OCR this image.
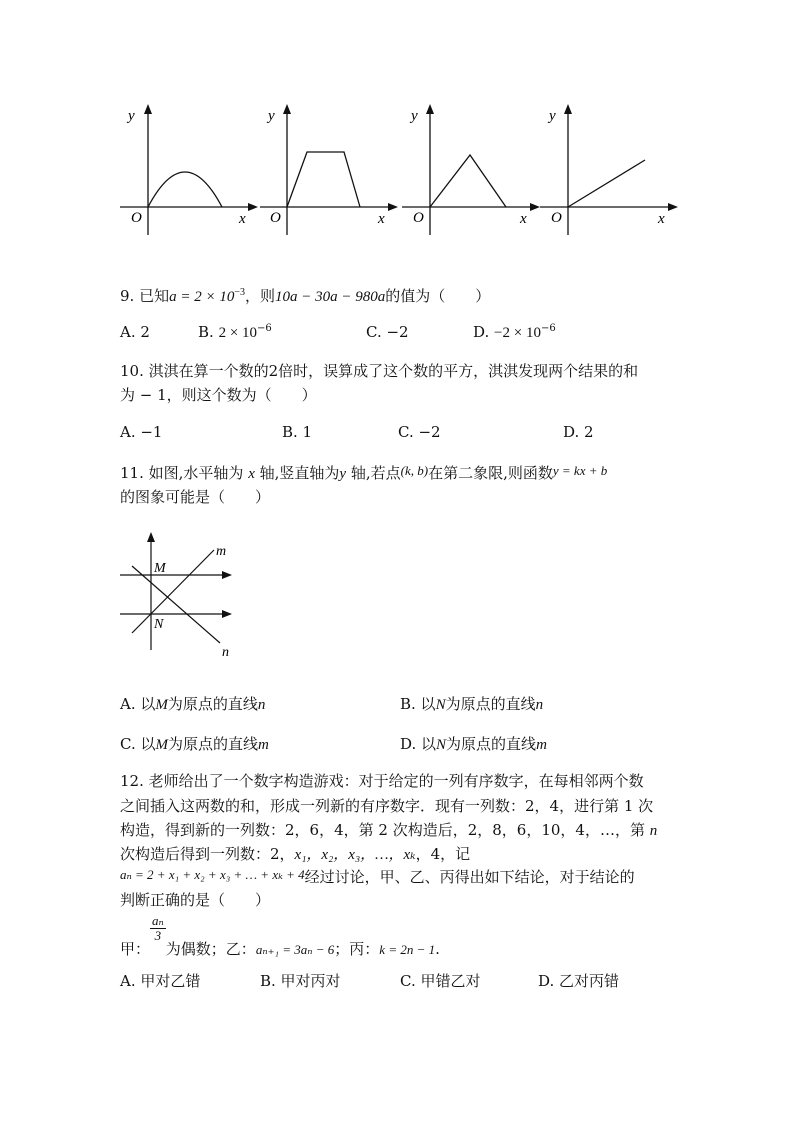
y
x
O
y
x
O
y
x
O
y
x
O
9. 已知$a = 2 \times 10^{-3}$，则10a − 30a − 980a的值为（　　）
A. 2	B. $2 \times 10^{-6}$	C. −2	D. $-2 \times 10^{-6}$
10. 淇淇在算一个数的2倍时，误算成了这个数的平方，淇淇发现两个结果的和
为 − 1，则这个数为（　　）
A. −1	B. 1	C. −2	D. 2
11. 如图,水平轴为 x 轴,竖直轴为y 轴,若点(k, b)在第二象限,则函数y = kx + b
的图象可能是（　　）
m
n
M
N
A. 以M为原点的直线n	B. 以N为原点的直线n
C. 以M为原点的直线m	D. 以N为原点的直线m
12. 老师给出了一个数字构造游戏：对于给定的一列有序数字，在每相邻两个数
之间插入这两数的和，形成一列新的有序数字．现有一列数：2，4，进行第 1 次
构造，得到新的一列数：2，6，4，第 2 次构造后，2，8，6，10，4，…，第 n
次构造后得到一列数：2，x₁，x₂，x₃，…，xₖ，4，记
aₙ = 2 + x₁ + x₂ + x₃ + … + xₖ + 4经过讨论，甲、乙、丙得出如下结论，对于结论的
判断正确的是（　　）
甲：
$\frac{\text{aₙ}}{3}$
为偶数；乙：aₙ₊₁ = 3aₙ − 6；丙：k = 2n − 1.
A. 甲对乙错	B. 甲对丙对	C. 甲错乙对	D. 乙对丙错
